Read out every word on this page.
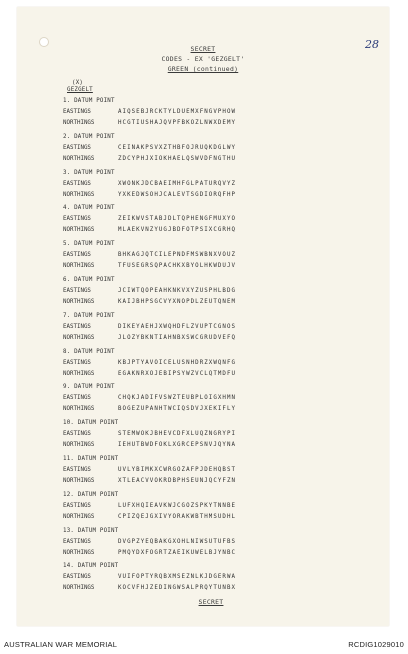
28
SECRET
CODES - EX 'GEZGELT'
GREEN (continued)
(X)
GEZGELT
1. DATUM POINT
EASTINGS	AIQSEBJRCKTYLDUEMXFNGVPHOW
NORTHINGS	HCGTIUSHAJQVPFBKOZLNWXDEMY
2. DATUM POINT
EASTINGS	CEINAKPSVXZTHBFOJRUQKDGLWY
NORTHINGS	ZDCYPHJXIOKHAELQSWVDFNGTHU
3. DATUM POINT
EASTINGS	XWONKJDCBAEIMHFGLPATURQVYZ
NORTHINGS	YXKEDWSOHJCALEVTSGDIORQFHP
4. DATUM POINT
EASTINGS	ZEIKWVSTABJDLTQPHENGFMUXYO
NORTHINGS	MLAEKVNZYUGJBDFOTPSIXCGRHQ
5. DATUM POINT
EASTINGS	BHKAGJQTCILEPNDFMSWBNXVOUZ
NORTHINGS	TFUSEGRSQPACHKXBYOLHKWDUJV
6. DATUM POINT
EASTINGS	JCIWTQOPEAHKNKVXYZUSPHLBDG
NORTHINGS	KAIJBHPSGCVYXNOPDLZEUTQNEM
7. DATUM POINT
EASTINGS	DIKEYAEHJXWQHDFLZVUPTCGNOS
NORTHINGS	JLOZYBKNTIAHNBXSWCGRUDVEFQ
8. DATUM POINT
EASTINGS	KBJPTYAVOICELUSNHDRZXWQNFG
NORTHINGS	EGAKNRXOJEBIPSYWZVCLQTMDFU
9. DATUM POINT
EASTINGS	CHQKJADIFVSWZTEUBPLOIGXHMN
NORTHINGS	BOGEZUPANHTWCIQSDVJXEKIFLY
10. DATUM POINT
EASTINGS	STEMWOKJBHEVCDFXLUQZNGRYPI
NORTHINGS	IEHUTBWDFOKLXGRCEPSNVJQYNA
11. DATUM POINT
EASTINGS	UVLYBIMKXCWRGOZAFPJDEHQBST
NORTHINGS	XTLEACVVOKRDBPHSEUNJQCYFZN
12. DATUM POINT
EASTINGS	LUFXHQIEAVKWJCGOZSPKYTNNBE
NORTHINGS	CPIZQEJGXIVYORAKWBTHMSUDHL
13. DATUM POINT
EASTINGS	DVGPZYEQBAKGXOHLNIWSUTUFBS
NORTHINGS	PMQYDXFOGRTZAEIKUWELBJYNBC
14. DATUM POINT
EASTINGS	VUIFOPTYRQBXMSEZNLKJDGERWA
NORTHINGS	KOCVFHJZEDINGWSALPRQYTUNBX
SECRET
AUSTRALIAN WAR MEMORIAL	RCDIG1029010
